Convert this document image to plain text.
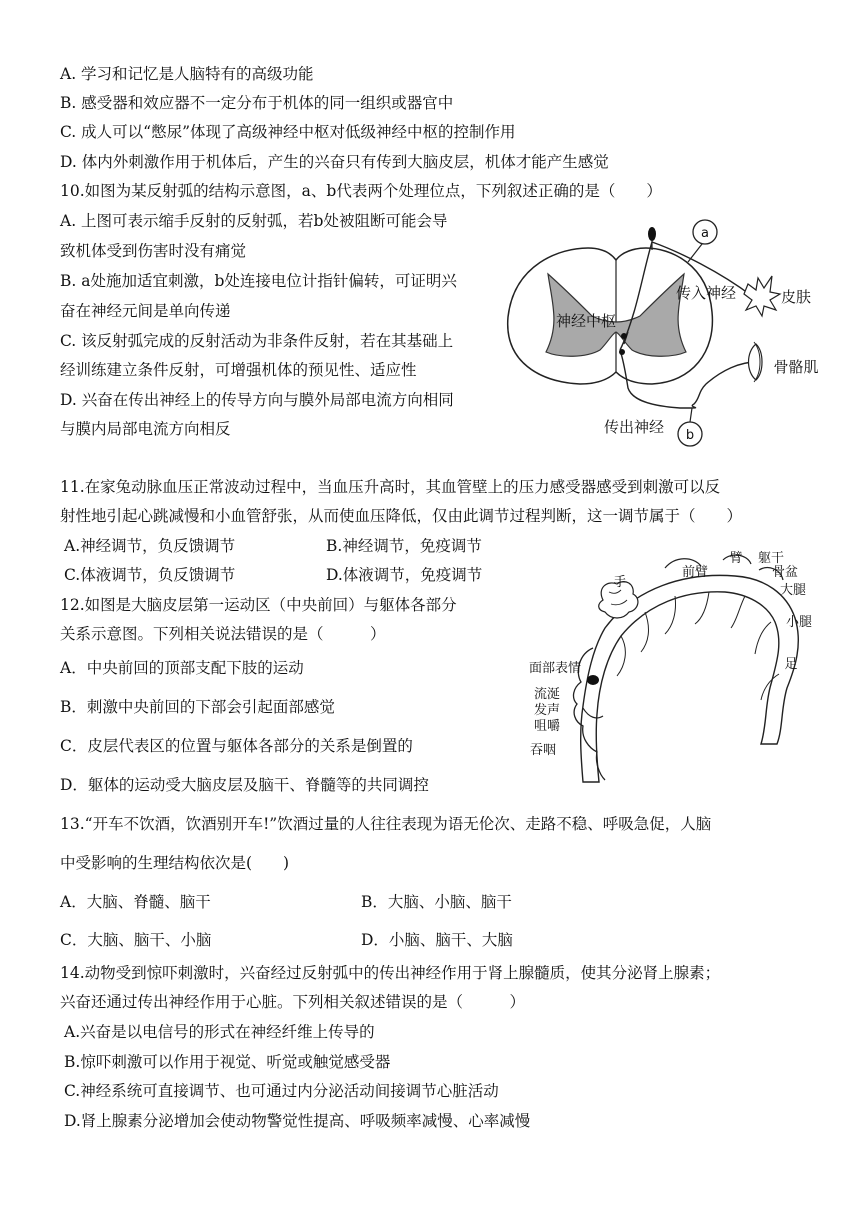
A. 学习和记忆是人脑特有的高级功能
B. 感受器和效应器不一定分布于机体的同一组织或器官中
C. 成人可以“憋尿”体现了高级神经中枢对低级神经中枢的控制作用
D. 体内外刺激作用于机体后，产生的兴奋只有传到大脑皮层，机体才能产生感觉
10.如图为某反射弧的结构示意图，a、b代表两个处理位点，下列叙述正确的是（　　）
A. 上图可表示缩手反射的反射弧，若b处被阻断可能会导
致机体受到伤害时没有痛觉
B. a处施加适宜刺激，b处连接电位计指针偏转，可证明兴
奋在神经元间是单向传递
C. 该反射弧完成的反射活动为非条件反射，若在其基础上
经训练建立条件反射，可增强机体的预见性、适应性
D. 兴奋在传出神经上的传导方向与膜外局部电流方向相同
与膜内局部电流方向相反
a
b
神经中枢
传入神经	皮肤
骨骼肌
传出神经
11.在家兔动脉血压正常波动过程中，当血压升高时，其血管壁上的压力感受器感受到刺激可以反
射性地引起心跳减慢和小血管舒张，从而使血压降低，仅由此调节过程判断，这一调节属于（　　）
A.神经调节，负反馈调节	B.神经调节，免疫调节
C.体液调节，负反馈调节	D.体液调节，免疫调节
12.如图是大脑皮层第一运动区（中央前回）与躯体各部分
关系示意图。下列相关说法错误的是（　　　）
A．中央前回的顶部支配下肢的运动
B．刺激中央前回的下部会引起面部感觉
C．皮层代表区的位置与躯体各部分的关系是倒置的
D．躯体的运动受大脑皮层及脑干、脊髓等的共同调控
手
前臂
臂 躯干
骨盆
大腿
小腿
足
面部表情
流涎
发声
咀嚼
吞咽
13.“开车不饮酒，饮酒别开车!”饮酒过量的人往往表现为语无伦次、走路不稳、呼吸急促，人脑
中受影响的生理结构依次是(　　)
A．大脑、脊髓、脑干	B．大脑、小脑、脑干
C．大脑、脑干、小脑	D．小脑、脑干、大脑
14.动物受到惊吓刺激时，兴奋经过反射弧中的传出神经作用于肾上腺髓质，使其分泌肾上腺素；
兴奋还通过传出神经作用于心脏。下列相关叙述错误的是（　　　）
A.兴奋是以电信号的形式在神经纤维上传导的
B.惊吓刺激可以作用于视觉、听觉或触觉感受器
C.神经系统可直接调节、也可通过内分泌活动间接调节心脏活动
D.肾上腺素分泌增加会使动物警觉性提高、呼吸频率减慢、心率减慢
